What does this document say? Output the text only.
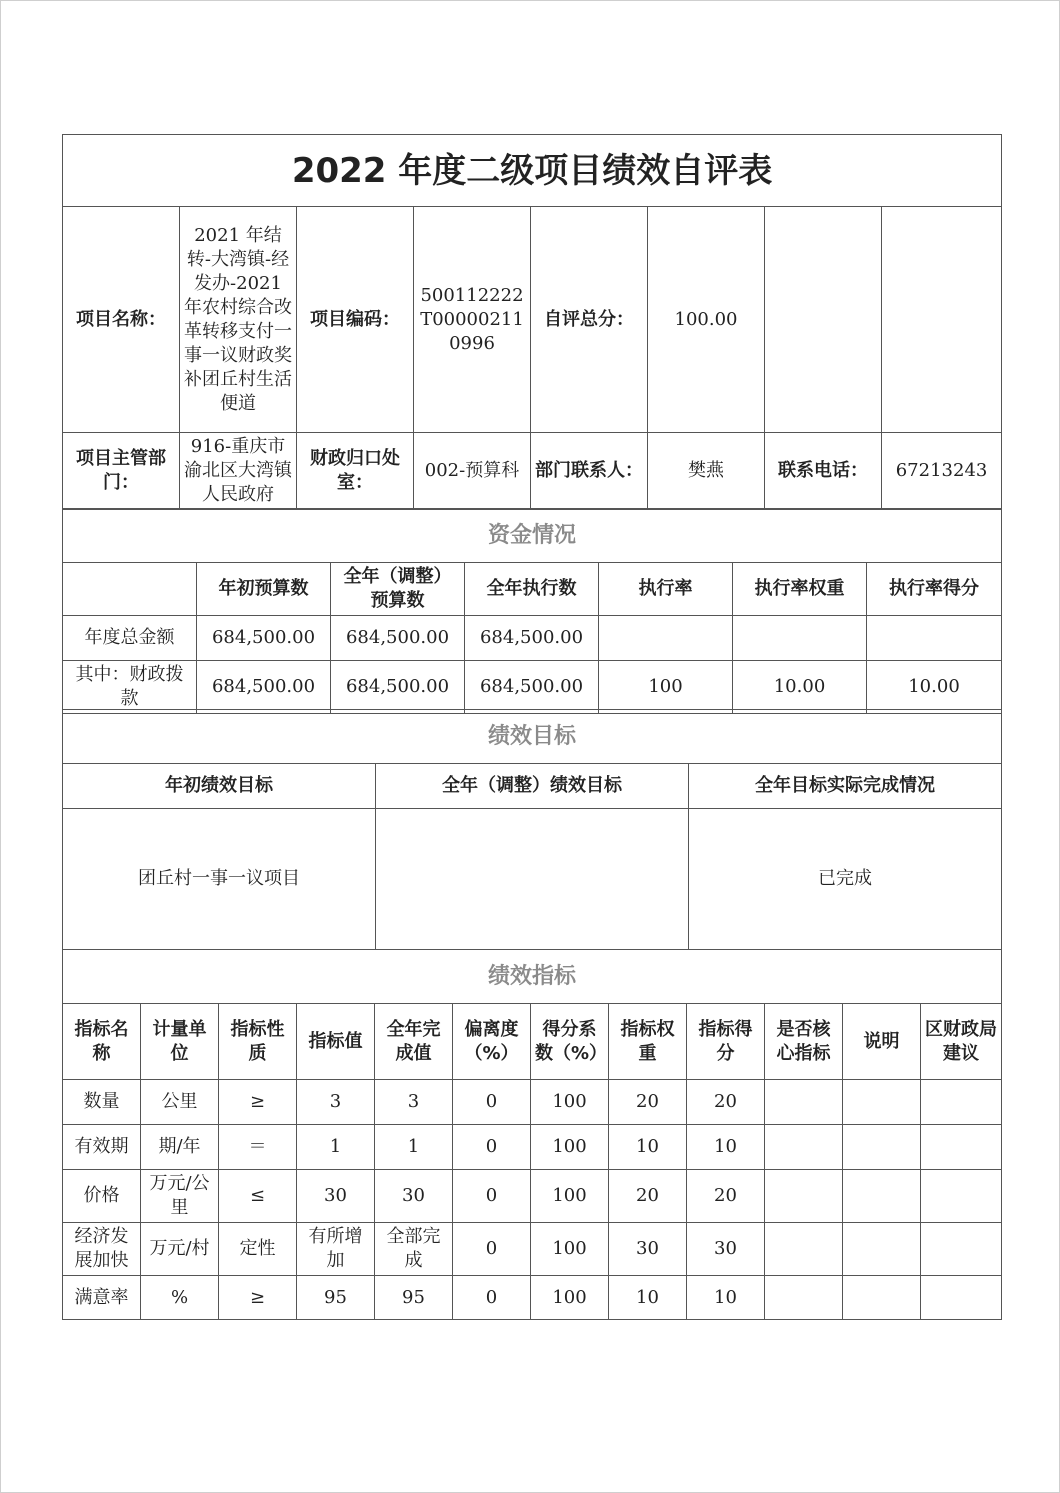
2022 年度二级项目绩效自评表							
项目名称：	2021 年结转-大湾镇-经发办-2021 年农村综合改革转移支付一事一议财政奖补团丘村生活便道	项目编码：	500112222T000002110996	自评总分：	100.00		
项目主管部门：	916-重庆市渝北区大湾镇人民政府	财政归口处室：	002-预算科	部门联系人：	樊燕	联系电话：	67213243
资金情况						
	年初预算数	全年（调整）预算数	全年执行数	执行率	执行率权重	执行率得分
年度总金额	684,500.00	684,500.00	684,500.00			
其中：财政拨款	684,500.00	684,500.00	684,500.00	100	10.00	10.00
绩效目标		
年初绩效目标	全年（调整）绩效目标	全年目标实际完成情况
团丘村一事一议项目		已完成
绩效指标											
指标名称	计量单位	指标性质	指标值	全年完成值	偏离度（%）	得分系数（%）	指标权重	指标得分	是否核心指标	说明	区财政局建议
数量	公里	≥	3	3	0	100	20	20			
有效期	期/年	＝	1	1	0	100	10	10			
价格	万元/公里	≤	30	30	0	100	20	20			
经济发展加快	万元/村	定性	有所增加	全部完成	0	100	30	30			
满意率	%	≥	95	95	0	100	10	10			
